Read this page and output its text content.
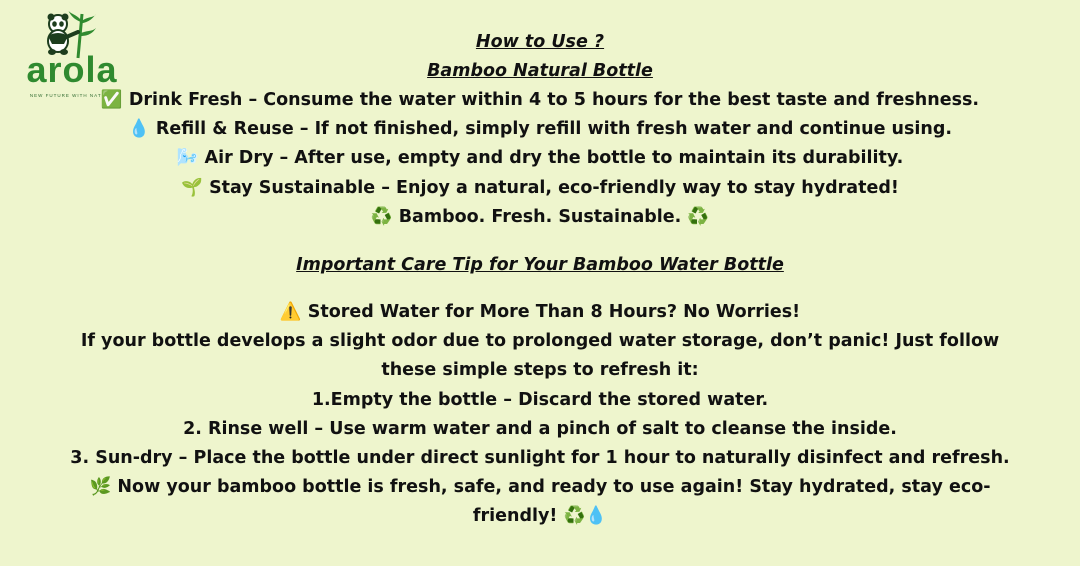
arola
NEW FUTURE WITH NATURE
How to Use ?
Bamboo Natural Bottle
✅ Drink Fresh – Consume the water within 4 to 5 hours for the best taste and freshness.
💧 Refill & Reuse – If not finished, simply refill with fresh water and continue using.
🌬️ Air Dry – After use, empty and dry the bottle to maintain its durability.
🌱 Stay Sustainable – Enjoy a natural, eco-friendly way to stay hydrated!
♻️ Bamboo. Fresh. Sustainable. ♻️
Important Care Tip for Your Bamboo Water Bottle
⚠️ Stored Water for More Than 8 Hours? No Worries!
If your bottle develops a slight odor due to prolonged water storage, don’t panic! Just follow these simple steps to refresh it:
1.Empty the bottle – Discard the stored water.
2. Rinse well – Use warm water and a pinch of salt to cleanse the inside.
3. Sun-dry – Place the bottle under direct sunlight for 1 hour to naturally disinfect and refresh.
🌿 Now your bamboo bottle is fresh, safe, and ready to use again! Stay hydrated, stay eco-friendly! ♻️💧
